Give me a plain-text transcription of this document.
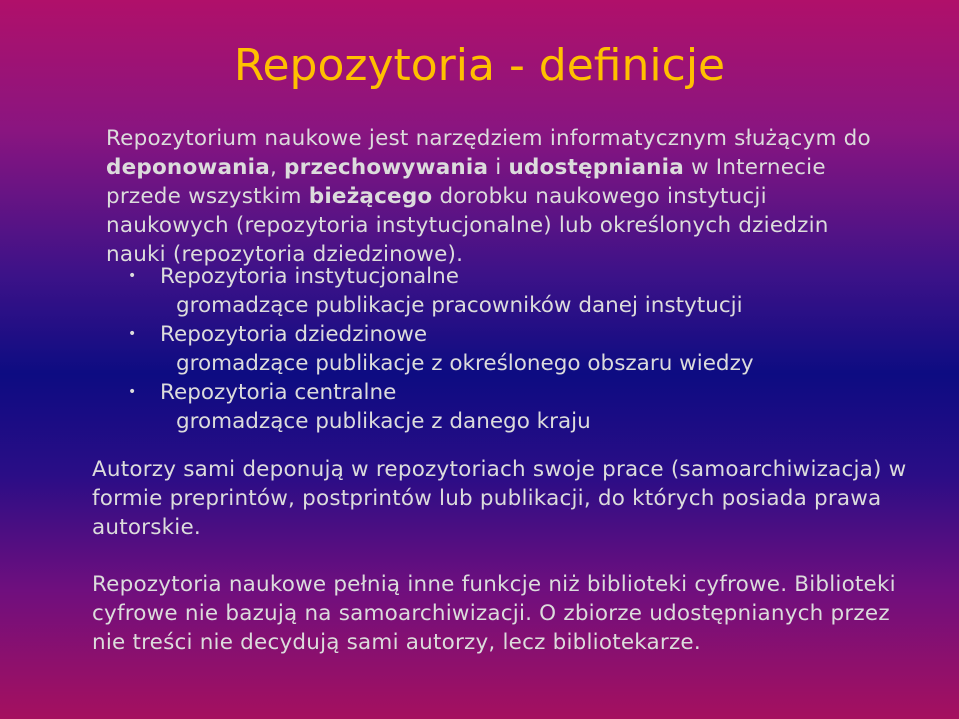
Repozytoria - definicje

Repozytorium naukowe jest narzędziem informatycznym służącym do deponowania, przechowywania i udostępniania w Internecie przede wszystkim bieżącego dorobku naukowego instytucji naukowych (repozytoria instytucjonalne) lub określonych dziedzin nauki (repozytoria dziedzinowe).

• Repozytoria instytucjonalne
gromadzące publikacje pracowników danej instytucji
• Repozytoria dziedzinowe
gromadzące publikacje z określonego obszaru wiedzy
• Repozytoria centralne
gromadzące publikacje z danego kraju

Autorzy sami deponują w repozytoriach swoje prace (samoarchiwizacja) w formie preprintów, postprintów lub publikacji, do których posiada prawa autorskie.

Repozytoria naukowe pełnią inne funkcje niż biblioteki cyfrowe. Biblioteki cyfrowe nie bazują na samoarchiwizacji. O zbiorze udostępnianych przez nie treści nie decydują sami autorzy, lecz bibliotekarze.
